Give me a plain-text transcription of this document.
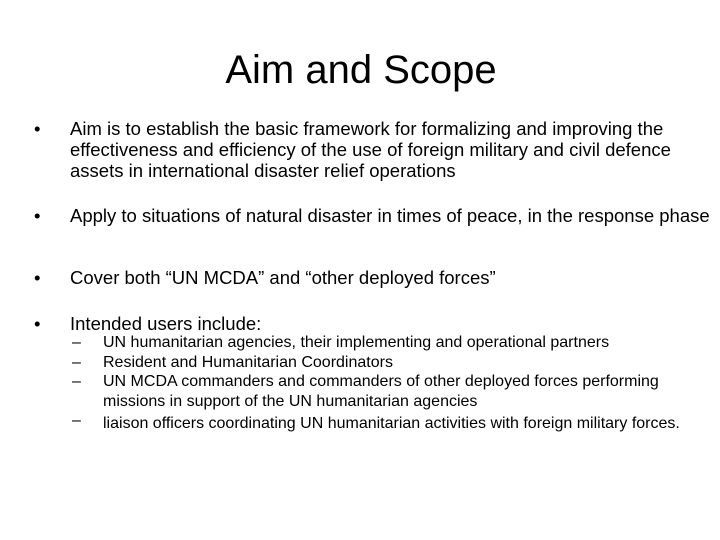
Aim and Scope
•	Aim is to establish the basic framework for formalizing and improving the effectiveness and efficiency of the use of foreign military and civil defence assets in international disaster relief operations
•	Apply to situations of natural disaster in times of peace, in the response phase
•	Cover both “UN MCDA” and “other deployed forces”
•	Intended users include:
–	UN humanitarian agencies, their implementing and operational partners
–	Resident and Humanitarian Coordinators
–	UN MCDA commanders and commanders of other deployed forces performing missions in support of the UN humanitarian agencies
–	liaison officers coordinating UN humanitarian activities with foreign military forces.
